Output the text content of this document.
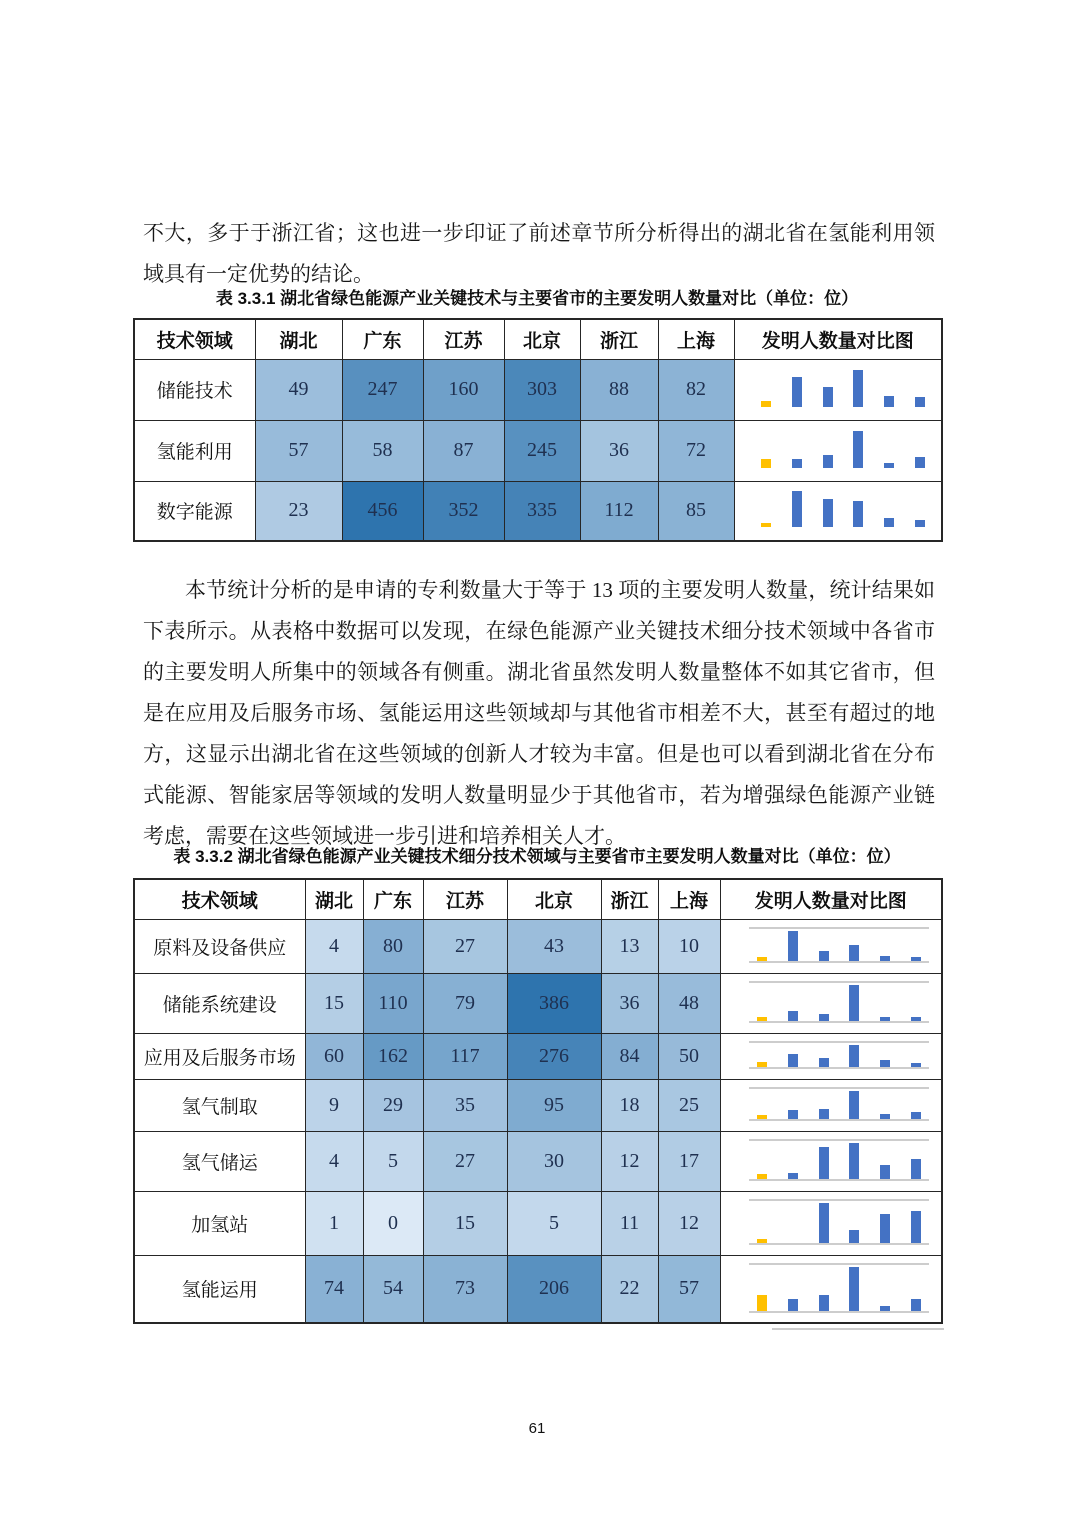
不大，多于于浙江省；这也进一步印证了前述章节所分析得出的湖北省在氢能利用领域具有一定优势的结论。

表 3.3.1 湖北省绿色能源产业关键技术与主要省市的主要发明人数量对比（单位：位）
技术领域	湖北	广东	江苏	北京	浙江	上海	发明人数量对比图
储能技术	49	247	160	303	88	82	

氢能利用	57	58	87	245	36	72	

数字能源	23	456	352	335	112	85	

本节统计分析的是申请的专利数量大于等于 13 项的主要发明人数量，统计结果如下表所示。从表格中数据可以发现，在绿色能源产业关键技术细分技术领域中各省市的主要发明人所集中的领域各有侧重。湖北省虽然发明人数量整体不如其它省市，但是在应用及后服务市场、氢能运用这些领域却与其他省市相差不大，甚至有超过的地方，这显示出湖北省在这些领域的创新人才较为丰富。但是也可以看到湖北省在分布式能源、智能家居等领域的发明人数量明显少于其他省市，若为增强绿色能源产业链考虑，需要在这些领域进一步引进和培养相关人才。

表 3.3.2 湖北省绿色能源产业关键技术细分技术领域与主要省市主要发明人数量对比（单位：位）
技术领域	湖北	广东	江苏	北京	浙江	上海	发明人数量对比图
原料及设备供应	4	80	27	43	13	10	

储能系统建设	15	110	79	386	36	48	

应用及后服务市场	60	162	117	276	84	50	

氢气制取	9	29	35	95	18	25	

氢气储运	4	5	27	30	12	17	

加氢站	1	0	15	5	11	12	

氢能运用	74	54	73	206	22	57	
61
